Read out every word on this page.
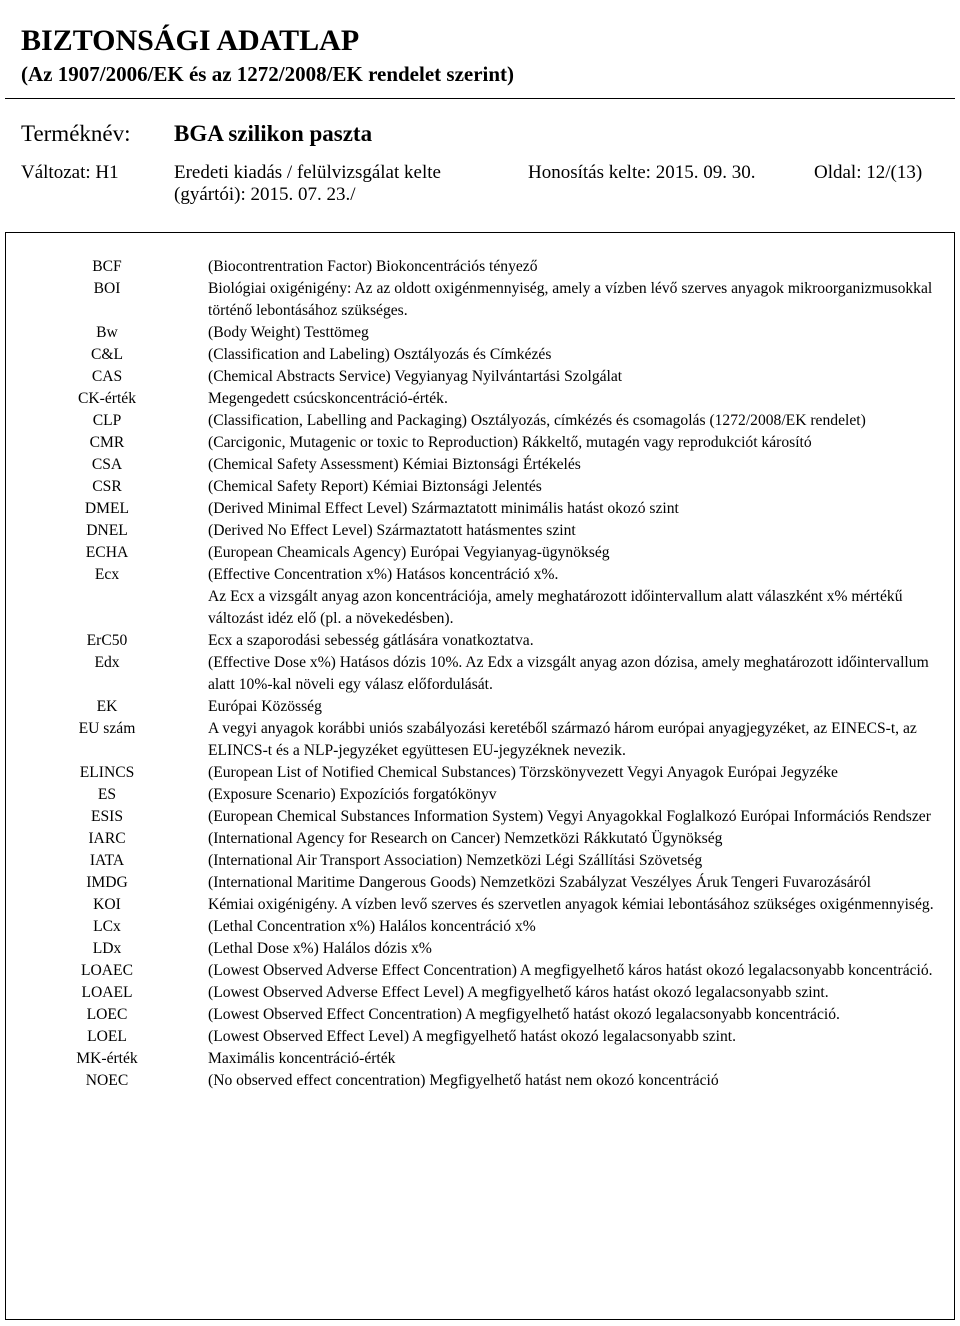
BIZTONSÁGI ADATLAP
(Az 1907/2006/EK és az 1272/2008/EK rendelet szerint)
Terméknév: BGA szilikon paszta
Változat: H1	Eredeti kiadás / felülvizsgálat kelte
(gyártói): 2015. 07. 23./
Honosítás kelte: 2015. 09. 30.	Oldal: 12/(13)
BCF	(Biocontrentration Factor) Biokoncentrációs tényező
BOI	Biológiai oxigénigény: Az az oldott oxigénmennyiség, amely a vízben lévő szerves anyagok mikroorganizmusokkal történő lebontásához szükséges.
Bw	(Body Weight) Testtömeg
C&L	(Classification and Labeling) Osztályozás és Címkézés
CAS	(Chemical Abstracts Service) Vegyianyag Nyilvántartási Szolgálat
CK-érték	Megengedett csúcskoncentráció-érték.
CLP	(Classification, Labelling and Packaging) Osztályozás, címkézés és csomagolás (1272/2008/EK rendelet)
CMR	(Carcigonic, Mutagenic or toxic to Reproduction) Rákkeltő, mutagén vagy reprodukciót károsító
CSA	(Chemical Safety Assessment) Kémiai Biztonsági Értékelés
CSR	(Chemical Safety Report) Kémiai Biztonsági Jelentés
DMEL	(Derived Minimal Effect Level) Származtatott minimális hatást okozó szint
DNEL	(Derived No Effect Level) Származtatott hatásmentes szint
ECHA	(European Cheamicals Agency) Európai Vegyianyag-ügynökség
Ecx	(Effective Concentration x%) Hatásos koncentráció x%.
Az Ecx a vizsgált anyag azon koncentrációja, amely meghatározott időintervallum alatt válaszként x% mértékű változást idéz elő (pl. a növekedésben).
ErC50	Ecx a szaporodási sebesség gátlására vonatkoztatva.
Edx	(Effective Dose x%) Hatásos dózis 10%. Az Edx a vizsgált anyag azon dózisa, amely meghatározott időintervallum alatt 10%-kal növeli egy válasz előfordulását.
EK	Európai Közösség
EU szám	A vegyi anyagok korábbi uniós szabályozási keretéből származó három európai anyagjegyzéket, az EINECS-t, az ELINCS-t és a NLP-jegyzéket együttesen EU-jegyzéknek nevezik.
ELINCS	(European List of Notified Chemical Substances) Törzskönyvezett Vegyi Anyagok Európai Jegyzéke
ES	(Exposure Scenario) Expozíciós forgatókönyv
ESIS	(European Chemical Substances Information System) Vegyi Anyagokkal Foglalkozó Európai Információs Rendszer
IARC	(International Agency for Research on Cancer) Nemzetközi Rákkutató Ügynökség
IATA	(International Air Transport Association) Nemzetközi Légi Szállítási Szövetség
IMDG	(International Maritime Dangerous Goods) Nemzetközi Szabályzat Veszélyes Áruk Tengeri Fuvarozásáról
KOI	Kémiai oxigénigény. A vízben levő szerves és szervetlen anyagok kémiai lebontásához szükséges oxigénmennyiség.
LCx	(Lethal Concentration x%) Halálos koncentráció x%
LDx	(Lethal Dose x%) Halálos dózis x%
LOAEC	(Lowest Observed Adverse Effect Concentration) A megfigyelhető káros hatást okozó legalacsonyabb koncentráció.
LOAEL	(Lowest Observed Adverse Effect Level) A megfigyelhető káros hatást okozó legalacsonyabb szint.
LOEC	(Lowest Observed Effect Concentration) A megfigyelhető hatást okozó legalacsonyabb koncentráció.
LOEL	(Lowest Observed Effect Level) A megfigyelhető hatást okozó legalacsonyabb szint.
MK-érték	Maximális koncentráció-érték
NOEC	(No observed effect concentration) Megfigyelhető hatást nem okozó koncentráció
